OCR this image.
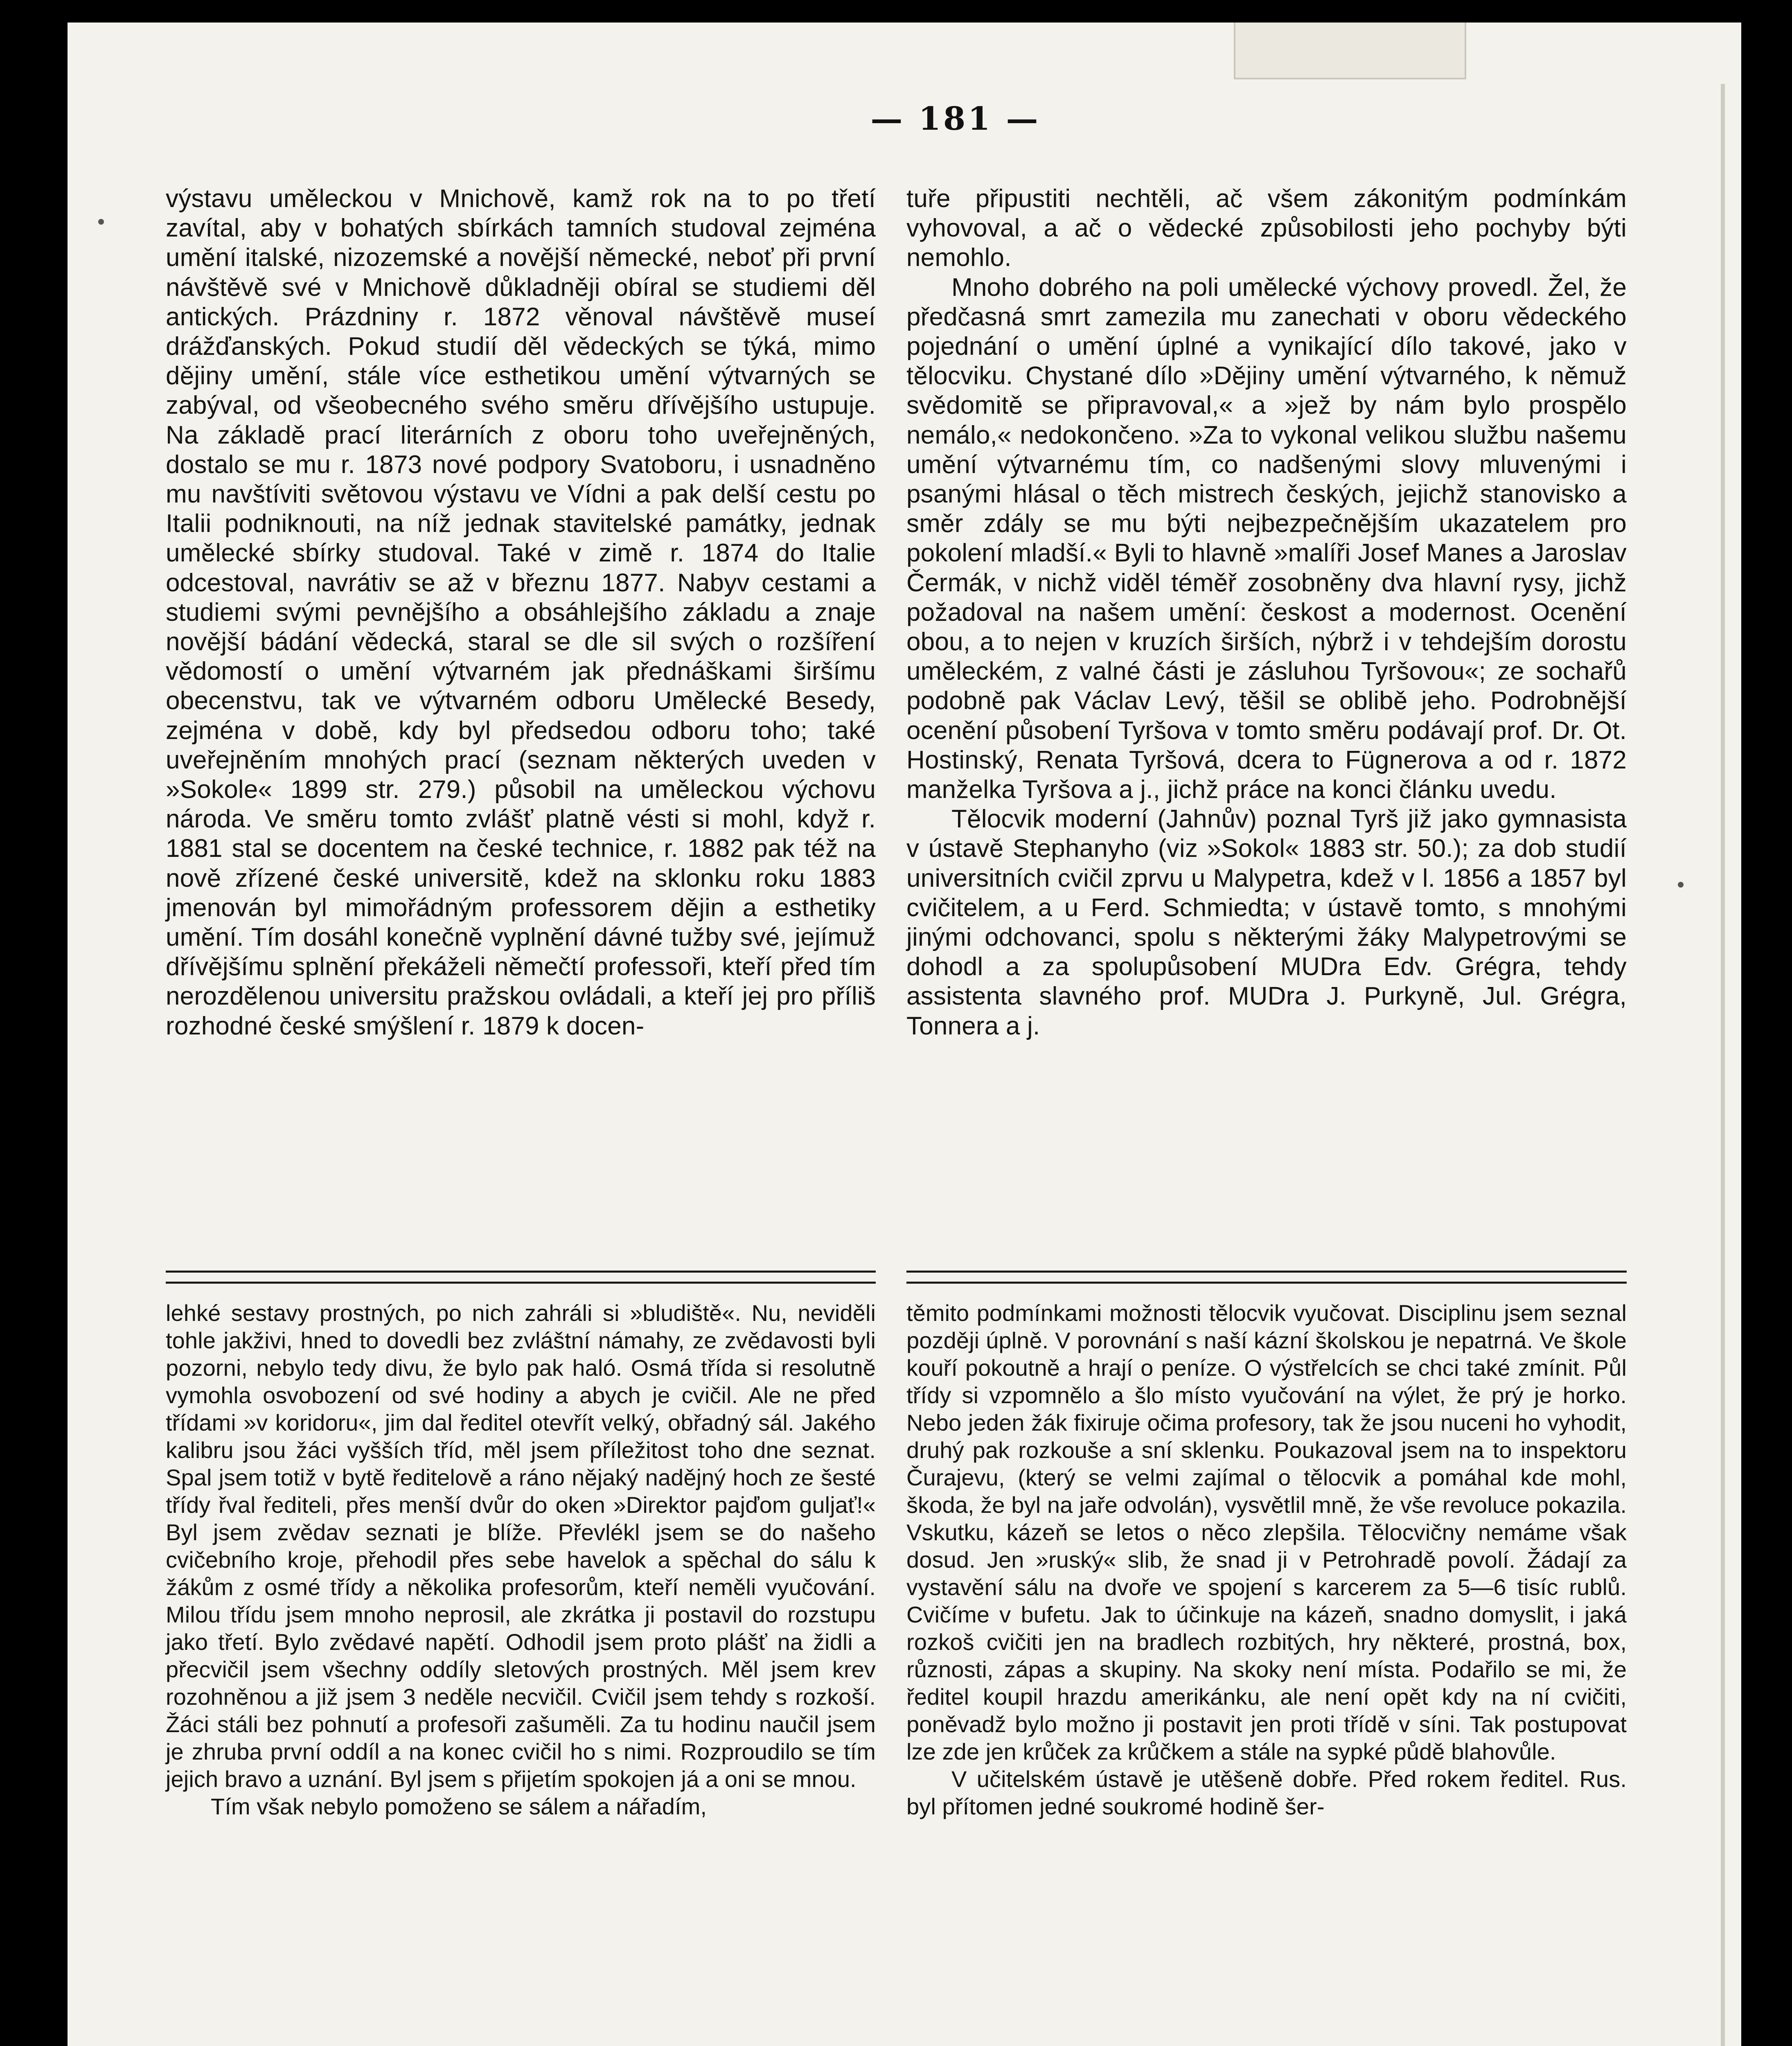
— 181 —

výstavu uměleckou v Mnichově, kamž rok na to po třetí zavítal, aby v bohatých sbírkách tamních studoval zejména umění italské, nizozemské a novější německé, neboť při první návštěvě své v Mnichově důkladněji obíral se studiemi děl antických. Prázdniny r. 1872 věnoval návštěvě museí drážďanských. Pokud studií děl vědeckých se týká, mimo dějiny umění, stále více esthetikou umění výtvarných se zabýval, od všeobecného svého směru dřívějšího ustupuje. Na základě prací literárních z oboru toho uveřejněných, dostalo se mu r. 1873 nové podpory Svatoboru, i usnadněno mu navštíviti světovou výstavu ve Vídni a pak delší cestu po Italii podniknouti, na níž jednak stavitelské památky, jednak umělecké sbírky studoval. Také v zimě r. 1874 do Italie odcestoval, navrátiv se až v březnu 1877. Nabyv cestami a studiemi svými pevnějšího a obsáhlejšího základu a znaje novější bádání vědecká, staral se dle sil svých o rozšíření vědomostí o umění výtvarném jak přednáškami širšímu obecenstvu, tak ve výtvarném odboru Umělecké Besedy, zejména v době, kdy byl předsedou odboru toho; také uveřejněním mnohých prací (seznam některých uveden v »Sokole« 1899 str. 279.) působil na uměleckou výchovu národa. Ve směru tomto zvlášť platně vésti si mohl, když r. 1881 stal se docentem na české technice, r. 1882 pak též na nově zřízené české universitě, kdež na sklonku roku 1883 jmenován byl mimořádným professorem dějin a esthetiky umění. Tím dosáhl konečně vyplnění dávné tužby své, jejímuž dřívějšímu splnění překáželi němečtí professoři, kteří před tím nerozdělenou universitu pražskou ovládali, a kteří jej pro příliš rozhodné české smýšlení r. 1879 k docen-

tuře připustiti nechtěli, ač všem zákonitým podmínkám vyhovoval, a ač o vědecké způsobilosti jeho pochyby býti nemohlo.

Mnoho dobrého na poli umělecké výchovy provedl. Žel, že předčasná smrt zamezila mu zanechati v oboru vědeckého pojednání o umění úplné a vynikající dílo takové, jako v tělocviku. Chystané dílo »Dějiny umění výtvarného, k němuž svědomitě se připravoval,« a »jež by nám bylo prospělo nemálo,« nedokončeno. »Za to vykonal velikou službu našemu umění výtvarnému tím, co nadšenými slovy mluvenými i psanými hlásal o těch mistrech českých, jejichž stanovisko a směr zdály se mu býti nejbezpečnějším ukazatelem pro pokolení mladší.« Byli to hlavně »malíři Josef Manes a Jaroslav Čermák, v nichž viděl téměř zosobněny dva hlavní rysy, jichž požadoval na našem umění: českost a modernost. Ocenění obou, a to nejen v kruzích širších, nýbrž i v tehdejším dorostu uměleckém, z valné části je zásluhou Tyršovou«; ze sochařů podobně pak Václav Levý, těšil se oblibě jeho. Podrobnější ocenění působení Tyršova v tomto směru podávají prof. Dr. Ot. Hostinský, Renata Tyršová, dcera to Fügnerova a od r. 1872 manželka Tyršova a j., jichž práce na konci článku uvedu.

Tělocvik moderní (Jahnův) poznal Tyrš již jako gymnasista v ústavě Stephanyho (viz »Sokol« 1883 str. 50.); za dob studií universitních cvičil zprvu u Malypetra, kdež v l. 1856 a 1857 byl cvičitelem, a u Ferd. Schmiedta; v ústavě tomto, s mnohými jinými odchovanci, spolu s některými žáky Malypetrovými se dohodl a za spolupůsobení MUDra Edv. Grégra, tehdy assistenta slavného prof. MUDra J. Purkyně, Jul. Grégra, Tonnera a j.

lehké sestavy prostných, po nich zahráli si »bludiště«. Nu, neviděli tohle jakživi, hned to dovedli bez zvláštní námahy, ze zvědavosti byli pozorni, nebylo tedy divu, že bylo pak haló. Osmá třída si resolutně vymohla osvobození od své hodiny a abych je cvičil. Ale ne před třídami »v koridoru«, jim dal ředitel otevřít velký, obřadný sál. Jakého kalibru jsou žáci vyšších tříd, měl jsem příležitost toho dne seznat. Spal jsem totiž v bytě ředitelově a ráno nějaký nadějný hoch ze šesté třídy řval řediteli, přes menší dvůr do oken »Direktor pajďom guljať!« Byl jsem zvědav seznati je blíže. Převlékl jsem se do našeho cvičebního kroje, přehodil přes sebe havelok a spěchal do sálu k žákům z osmé třídy a několika profesorům, kteří neměli vyučování. Milou třídu jsem mnoho neprosil, ale zkrátka ji postavil do rozstupu jako třetí. Bylo zvědavé napětí. Odhodil jsem proto plášť na židli a přecvičil jsem všechny oddíly sletových prostných. Měl jsem krev rozohněnou a již jsem 3 neděle necvičil. Cvičil jsem tehdy s rozkoší. Žáci stáli bez pohnutí a profesoři zašuměli. Za tu hodinu naučil jsem je zhruba první oddíl a na konec cvičil ho s nimi. Rozproudilo se tím jejich bravo a uznání. Byl jsem s přijetím spokojen já a oni se mnou.

Tím však nebylo pomoženo se sálem a nářadím,

těmito podmínkami možnosti tělocvik vyučovat. Disciplinu jsem seznal později úplně. V porovnání s naší kázní školskou je nepatrná. Ve škole kouří pokoutně a hrají o peníze. O výstřelcích se chci také zmínit. Půl třídy si vzpomnělo a šlo místo vyučování na výlet, že prý je horko. Nebo jeden žák fixiruje očima profesory, tak že jsou nuceni ho vyhodit, druhý pak rozkouše a sní sklenku. Poukazoval jsem na to inspektoru Čurajevu, (který se velmi zajímal o tělocvik a pomáhal kde mohl, škoda, že byl na jaře odvolán), vysvětlil mně, že vše revoluce pokazila. Vskutku, kázeň se letos o něco zlepšila. Tělocvičny nemáme však dosud. Jen »ruský« slib, že snad ji v Petrohradě povolí. Žádají za vystavění sálu na dvoře ve spojení s karcerem za 5—6 tisíc rublů. Cvičíme v bufetu. Jak to účinkuje na kázeň, snadno domyslit, i jaká rozkoš cvičiti jen na bradlech rozbitých, hry některé, prostná, box, různosti, zápas a skupiny. Na skoky není místa. Podařilo se mi, že ředitel koupil hrazdu amerikánku, ale není opět kdy na ní cvičiti, poněvadž bylo možno ji postavit jen proti třídě v síni. Tak postupovat lze zde jen krůček za krůčkem a stále na sypké půdě blahovůle.

V učitelském ústavě je utěšeně dobře. Před rokem ředitel. Rus. byl přítomen jedné soukromé hodině šer-
